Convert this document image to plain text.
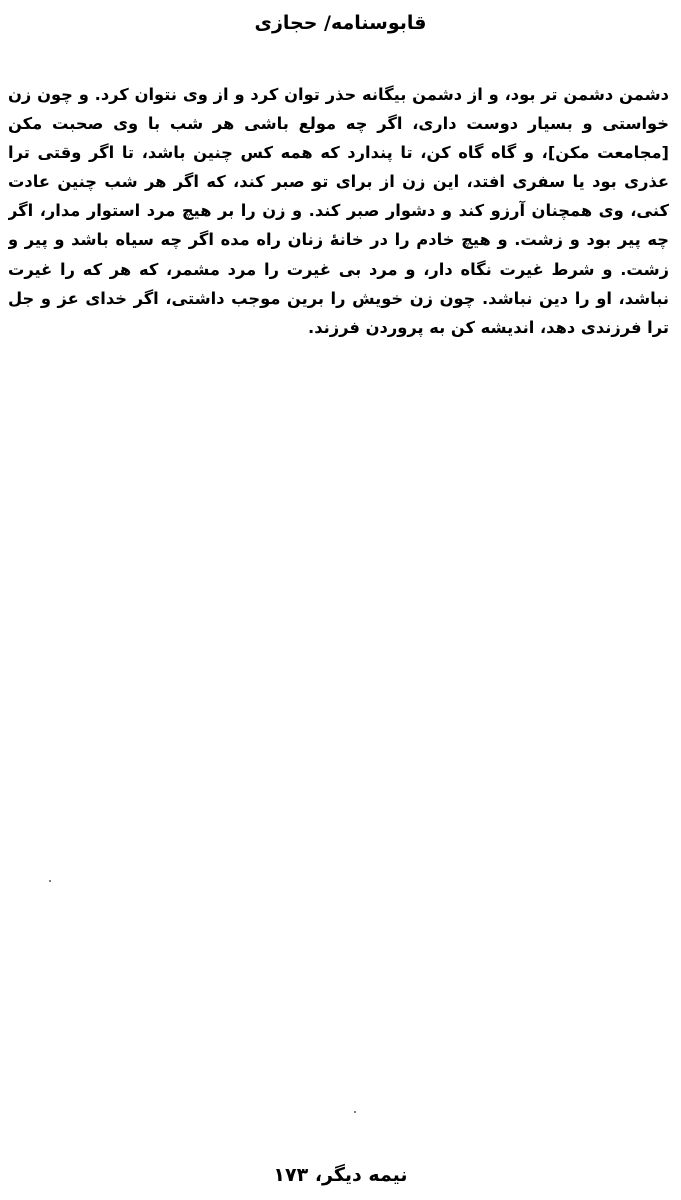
قابوسنامه/ حجازی
دشمن دشمن تر بود، و از دشمن بیگانه حذر توان کرد و از وی نتوان کرد. و چون زن
خواستی و بسیار دوست داری، اگر چه مولع باشی هر شب با وی صحبت مکن
[مجامعت مکن]، و گاه گاه کن، تا پندارد که همه کس چنین باشد، تا اگر وقتی ترا
عذری بود یا سفری افتد، این زن از برای تو صبر کند، که اگر هر شب چنین عادت
کنی، وی همچنان آرزو کند و دشوار صبر کند. و زن را بر هیچ مرد استوار مدار، اگر
چه پیر بود و زشت. و هیچ خادم را در خانهٔ زنان راه مده اگر چه سیاه باشد و پیر و
زشت. و شرط غیرت نگاه دار، و مرد بی غیرت را مرد مشمر، که هر که را غیرت
نباشد، او را دین نباشد. چون زن خویش را برین موجب داشتی، اگر خدای عز و جل
ترا فرزندی دهد، اندیشه کن به پروردن فرزند.
نیمه دیگر، ۱۷۳
